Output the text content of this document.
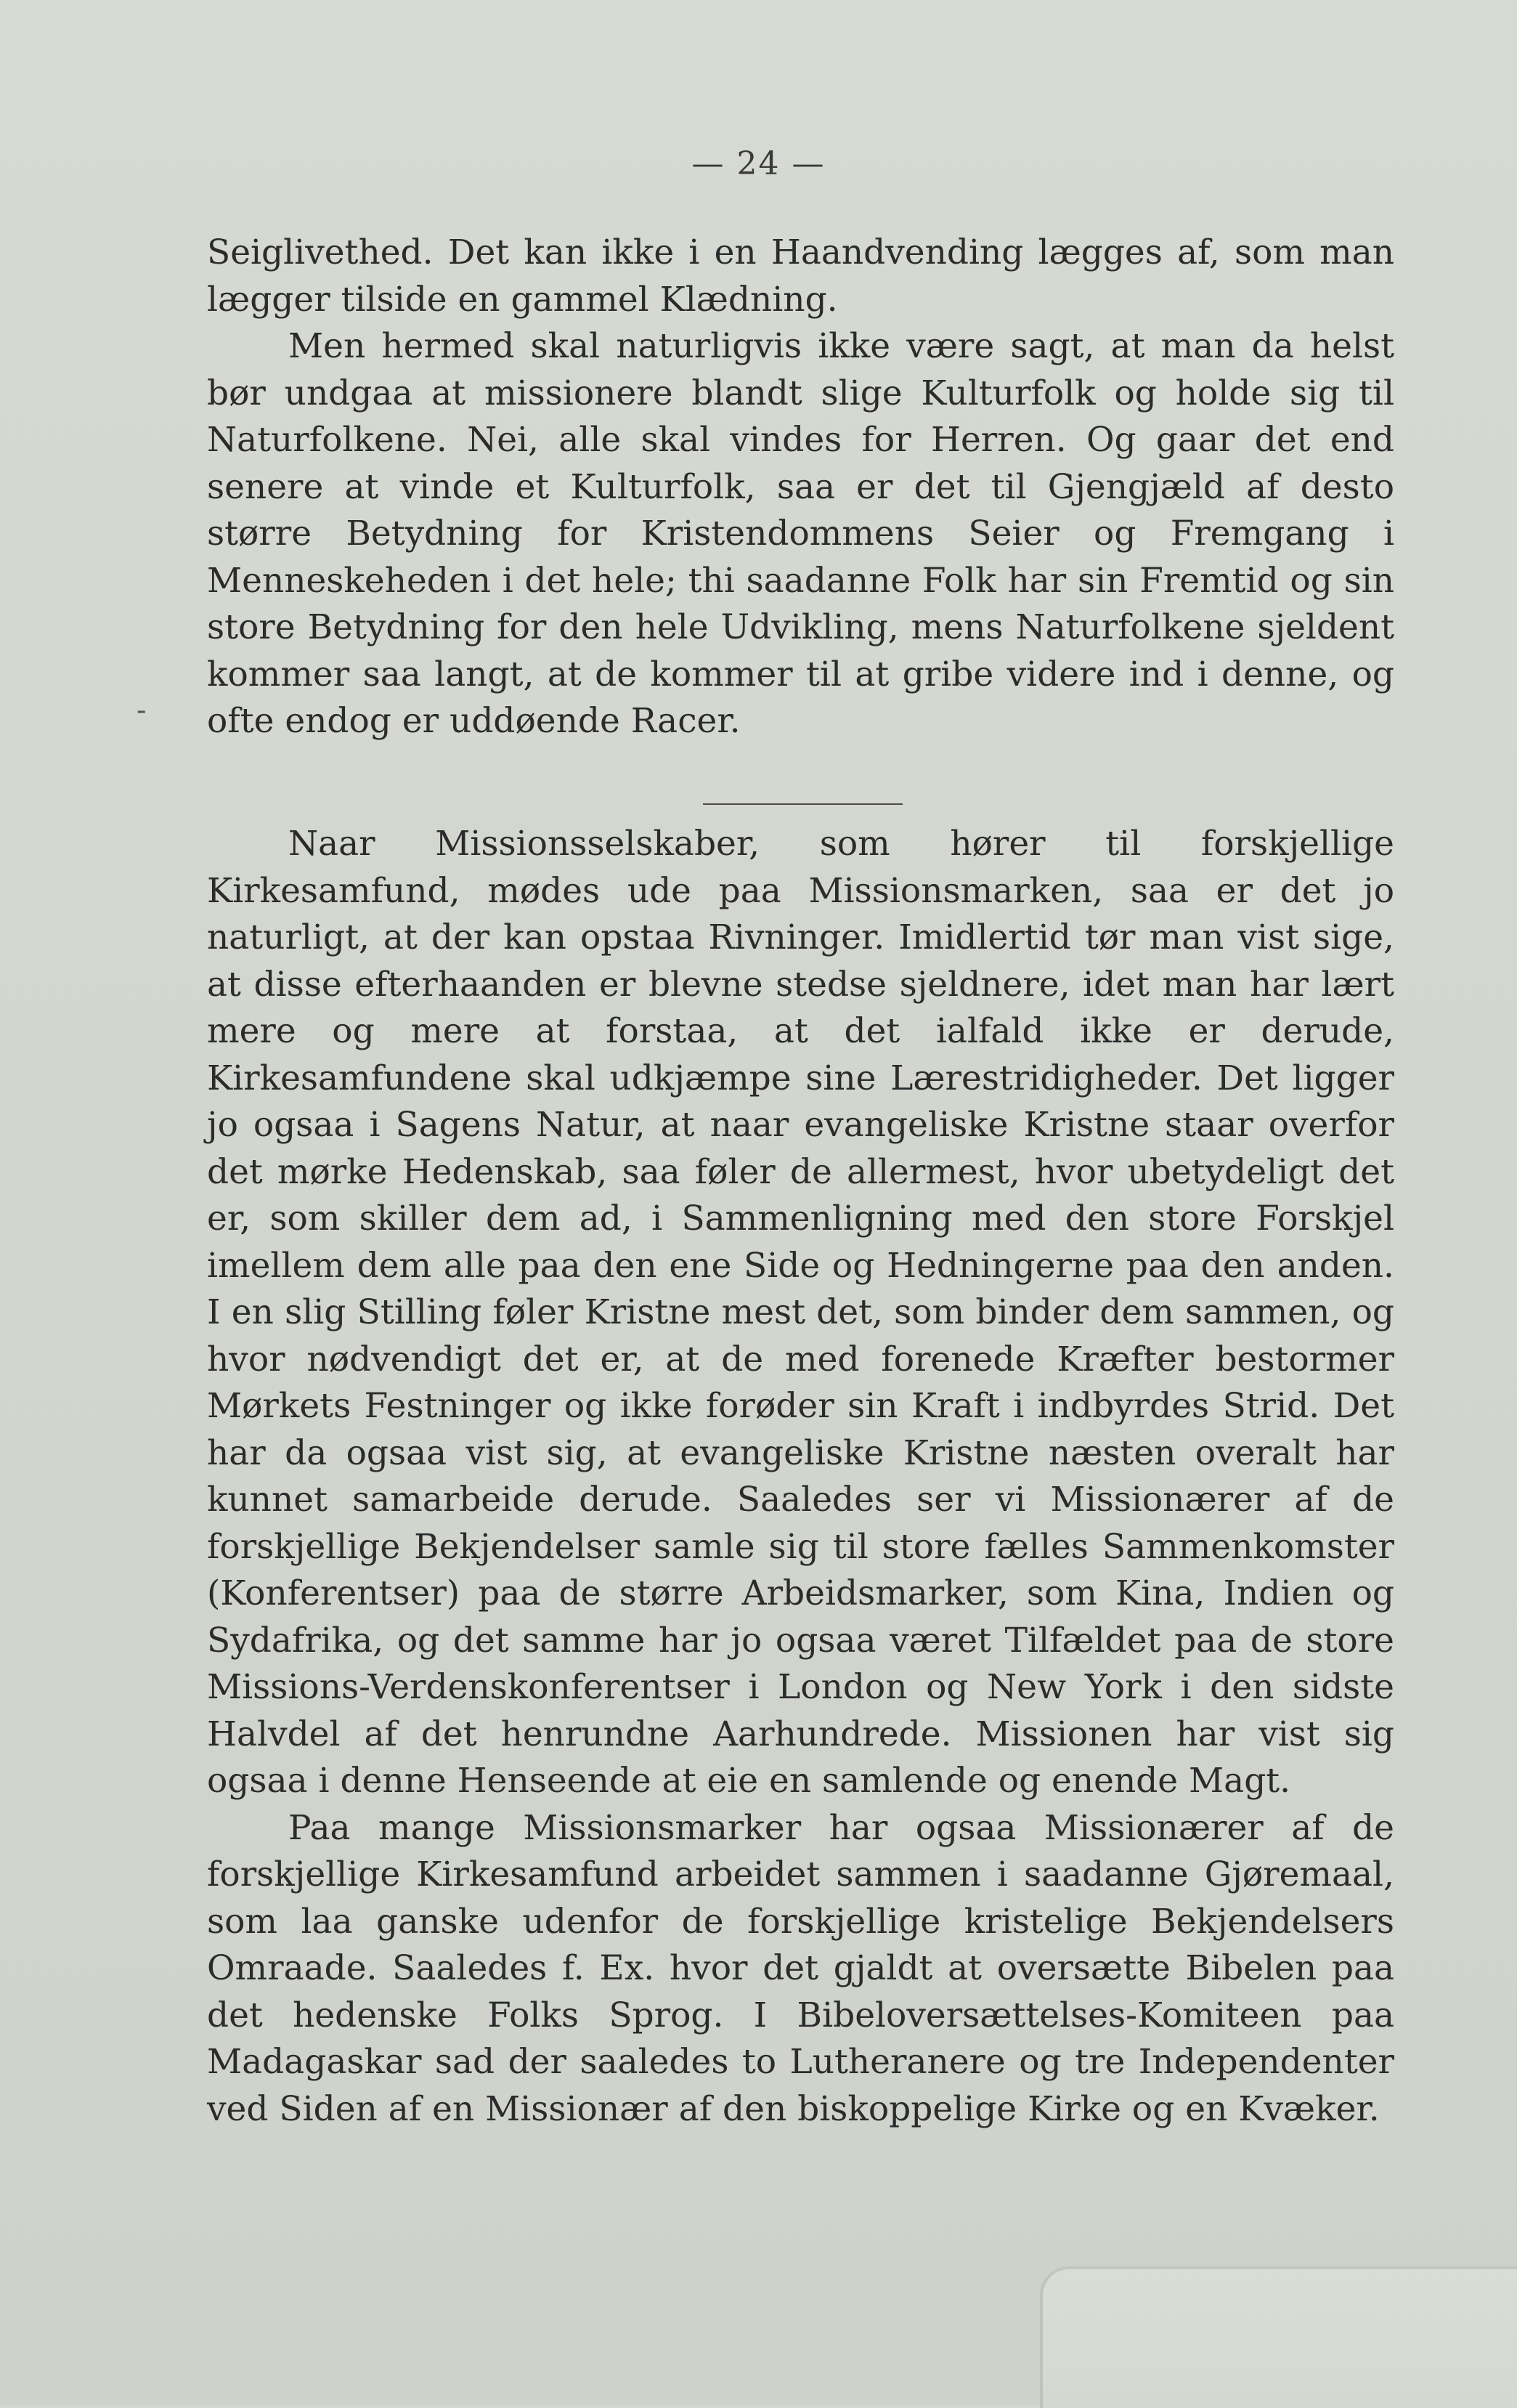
— 24 —
-

Seiglivethed. Det kan ikke i en Haandvending lægges af, som man lægger tilside en gammel Klædning.

Men hermed skal naturligvis ikke være sagt, at man da helst bør undgaa at missionere blandt slige Kulturfolk og holde sig til Naturfolkene. Nei, alle skal vindes for Herren. Og gaar det end senere at vinde et Kulturfolk, saa er det til Gjengjæld af desto større Betydning for Kristendommens Seier og Fremgang i Menneskeheden i det hele; thi saadanne Folk har sin Fremtid og sin store Betydning for den hele Udvikling, mens Naturfolkene sjeldent kommer saa langt, at de kommer til at gribe videre ind i denne, og ofte endog er uddøende Racer.

Naar Missionsselskaber, som hører til forskjellige Kirkesamfund, mødes ude paa Missionsmarken, saa er det jo naturligt, at der kan opstaa Rivninger. Imidlertid tør man vist sige, at disse efterhaanden er blevne stedse sjeldnere, idet man har lært mere og mere at forstaa, at det ialfald ikke er derude, Kirkesamfundene skal udkjæmpe sine Lærestridigheder. Det ligger jo ogsaa i Sagens Natur, at naar evangeliske Kristne staar overfor det mørke Hedenskab, saa føler de allermest, hvor ubetydeligt det er, som skiller dem ad, i Sammenligning med den store Forskjel imellem dem alle paa den ene Side og Hedningerne paa den anden. I en slig Stilling føler Kristne mest det, som binder dem sammen, og hvor nødvendigt det er, at de med forenede Kræfter bestormer Mørkets Festninger og ikke forøder sin Kraft i indbyrdes Strid. Det har da ogsaa vist sig, at evangeliske Kristne næsten overalt har kunnet samarbeide derude. Saaledes ser vi Missionærer af de forskjellige Bekjendelser samle sig til store fælles Sammenkomster (Konferentser) paa de større Arbeidsmarker, som Kina, Indien og Sydafrika, og det samme har jo ogsaa været Tilfældet paa de store Missions-Verdenskonferentser i London og New York i den sidste Halvdel af det henrundne Aarhundrede. Missionen har vist sig ogsaa i denne Henseende at eie en samlende og enende Magt.

Paa mange Missionsmarker har ogsaa Missionærer af de forskjellige Kirkesamfund arbeidet sammen i saadanne Gjøremaal, som laa ganske udenfor de forskjellige kristelige Bekjendelsers Omraade. Saaledes f. Ex. hvor det gjaldt at oversætte Bibelen paa det hedenske Folks Sprog. I Bibeloversættelses-Komiteen paa Madagaskar sad der saaledes to Lutheranere og tre Independenter ved Siden af en Missionær af den biskoppelige Kirke og en Kvæker.
